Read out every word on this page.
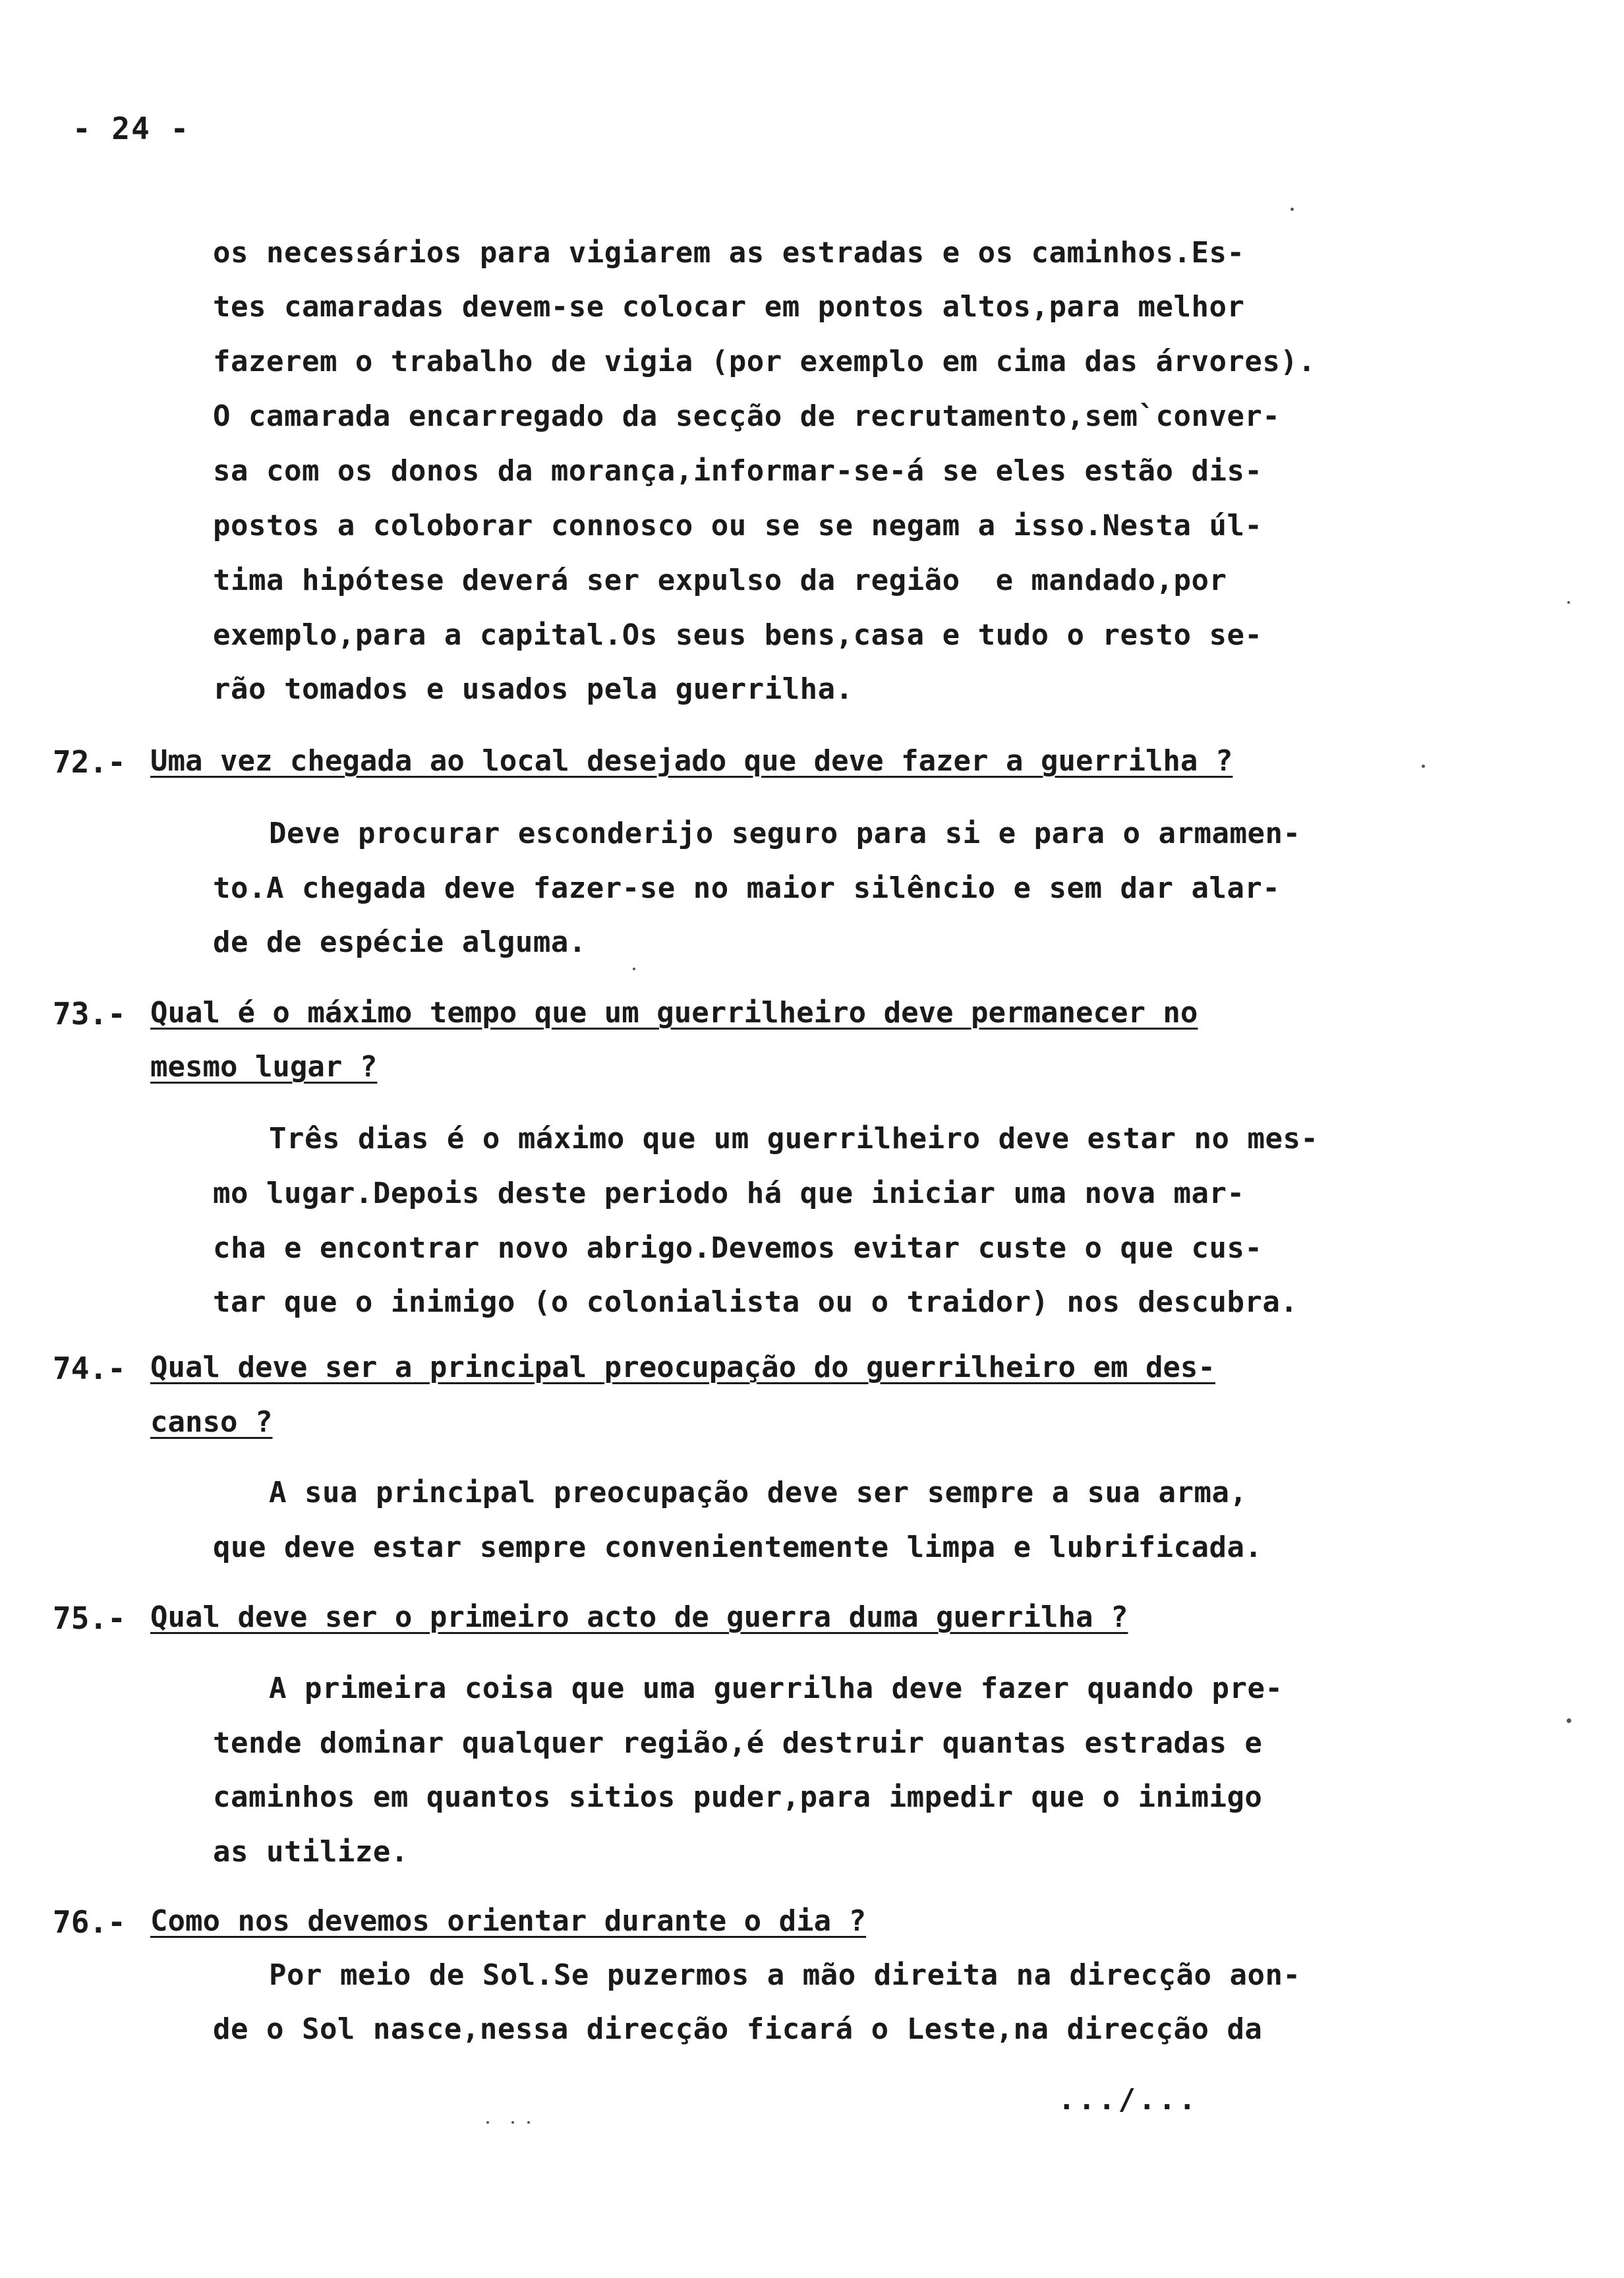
- 24 -
os necessários para vigiarem as estradas e os caminhos.Es-
tes camaradas devem-se colocar em pontos altos,para melhor
fazerem o trabalho de vigia (por exemplo em cima das árvores).
O camarada encarregado da secção de recrutamento,sem`conver-
sa com os donos da morança,informar-se-á se eles estão dis-
postos a coloborar connosco ou se se negam a isso.Nesta úl-
tima hipótese deverá ser expulso da região  e mandado,por
exemplo,para a capital.Os seus bens,casa e tudo o resto se-
rão tomados e usados pela guerrilha.
72.- Uma vez chegada ao local desejado que deve fazer a guerrilha ?
Deve procurar esconderijo seguro para si e para o armamen-
to.A chegada deve fazer-se no maior silêncio e sem dar alar-
de de espécie alguma.
73.- Qual é o máximo tempo que um guerrilheiro deve permanecer no
mesmo lugar ?
Três dias é o máximo que um guerrilheiro deve estar no mes-
mo lugar.Depois deste periodo há que iniciar uma nova mar-
cha e encontrar novo abrigo.Devemos evitar custe o que cus-
tar que o inimigo (o colonialista ou o traidor) nos descubra.
74.- Qual deve ser a principal preocupação do guerrilheiro em des-
canso ?
A sua principal preocupação deve ser sempre a sua arma,
que deve estar sempre convenientemente limpa e lubrificada.
75.- Qual deve ser o primeiro acto de guerra duma guerrilha ?
A primeira coisa que uma guerrilha deve fazer quando pre-
tende dominar qualquer região,é destruir quantas estradas e
caminhos em quantos sitios puder,para impedir que o inimigo
as utilize.
76.- Como nos devemos orientar durante o dia ?
Por meio de Sol.Se puzermos a mão direita na direcção aon-
de o Sol nasce,nessa direcção ficará o Leste,na direcção da
.../...
